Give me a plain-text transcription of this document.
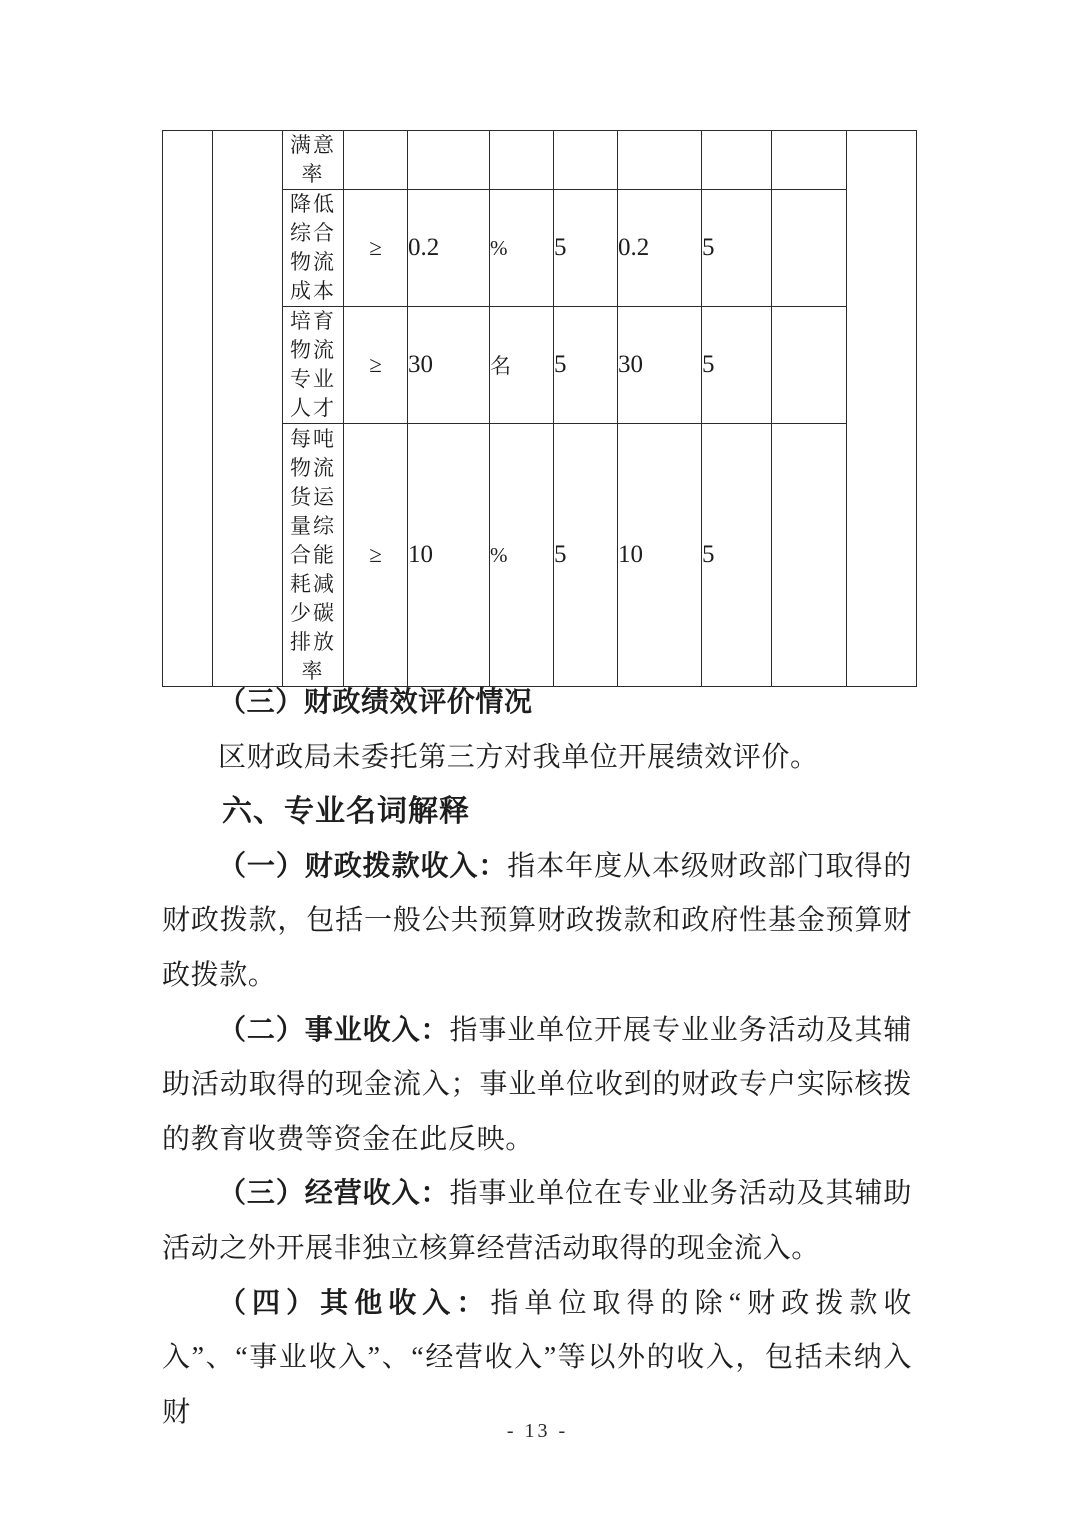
		满意率								
		降低综合物流成本	≥	0.2	%	5	0.2	5		
		培育物流专业人才	≥	30	名	5	30	5		
		每吨物流货运量综合能耗减少碳排放率	≥	10	%	5	10	5		

（三）财政绩效评价情况

区财政局未委托第三方对我单位开展绩效评价。

六、专业名词解释

（一）财政拨款收入：指本年度从本级财政部门取得的财政拨款，包括一般公共预算财政拨款和政府性基金预算财政拨款。

（二）事业收入：指事业单位开展专业业务活动及其辅助活动取得的现金流入；事业单位收到的财政专户实际核拨的教育收费等资金在此反映。

（三）经营收入：指事业单位在专业业务活动及其辅助活动之外开展非独立核算经营活动取得的现金流入。

（四）其他收入：指单位取得的除“财政拨款收入”、“事业收入”、“经营收入”等以外的收入，包括未纳入财

- 13 -
